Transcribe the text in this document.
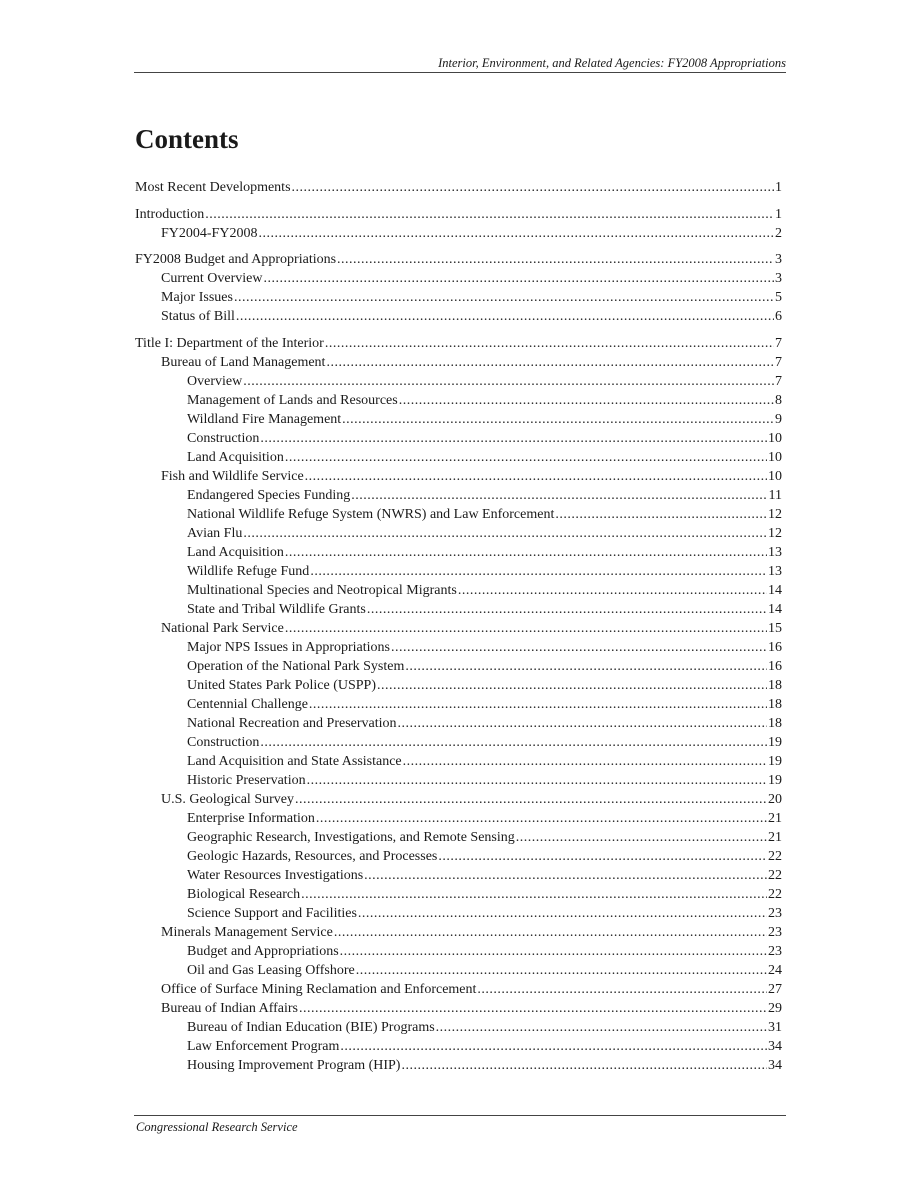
Interior, Environment, and Related Agencies: FY2008 Appropriations
Contents
Most Recent Developments .....	1
Introduction .....	1
FY2004-FY2008 .....	2
FY2008 Budget and Appropriations .....	3
Current Overview .....	3
Major Issues .....	5
Status of Bill .....	6
Title I: Department of the Interior .....	7
Bureau of Land Management .....	7
Overview .....	7
Management of Lands and Resources .....	8
Wildland Fire Management .....	9
Construction .....	10
Land Acquisition .....	10
Fish and Wildlife Service .....	10
Endangered Species Funding .....	11
National Wildlife Refuge System (NWRS) and Law Enforcement .....	12
Avian Flu .....	12
Land Acquisition .....	13
Wildlife Refuge Fund .....	13
Multinational Species and Neotropical Migrants .....	14
State and Tribal Wildlife Grants .....	14
National Park Service .....	15
Major NPS Issues in Appropriations .....	16
Operation of the National Park System .....	16
United States Park Police (USPP) .....	18
Centennial Challenge .....	18
National Recreation and Preservation .....	18
Construction .....	19
Land Acquisition and State Assistance .....	19
Historic Preservation .....	19
U.S. Geological Survey .....	20
Enterprise Information .....	21
Geographic Research, Investigations, and Remote Sensing .....	21
Geologic Hazards, Resources, and Processes .....	22
Water Resources Investigations .....	22
Biological Research .....	22
Science Support and Facilities .....	23
Minerals Management Service .....	23
Budget and Appropriations .....	23
Oil and Gas Leasing Offshore .....	24
Office of Surface Mining Reclamation and Enforcement .....	27
Bureau of Indian Affairs .....	29
Bureau of Indian Education (BIE) Programs .....	31
Law Enforcement Program .....	34
Housing Improvement Program (HIP) .....	34
Congressional Research Service
